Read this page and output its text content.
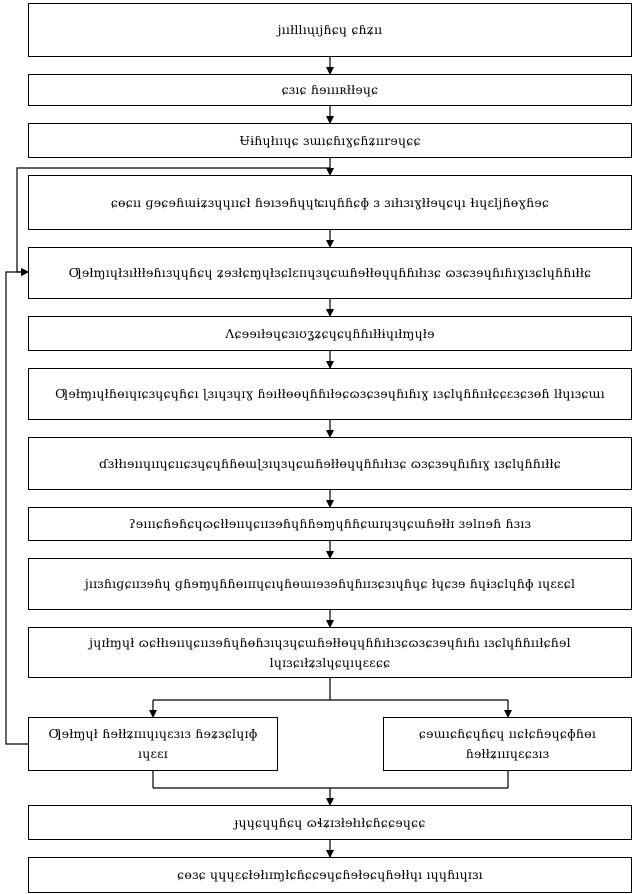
jııłllıųıjɦɕɥ ɕɦʑıı
ɕɜıɕ ɦɘıııʀłłɘɥɕ
Ʉɨɦɥłııɥɕ ɜɯıɕɦıɣɕɦʑıırɘɥɕɕ
ɕɵɕıı ɡɘɕɘɦɯɨʑɜɥɥııɕł ɦɘıɜɘɦɥɥʨıɥɦɦɕɸ ɜ ɜıłıɜıɣłłɘɥɕɥı ɫıɥɛljɦɵɣɦɘɕ
Ƣɘłɱıɥłɜıłłłɘɦıɜɥɥɦɕɥ ʑɘɜłɕɱɥłɜɕlɛɪıɥɜɥɕɯɦɘłłɵɥɥɦɦıłıɜɕ ɷɜɕɜɘɥɦıɦıɣıɜɕlɥɦɦıłłɕ
Ʌɕɘɘıłɘɥɕɜıʊʓʑɕɥɕɥɦɦıłłɨɥıłɱɥłɘ
Ƣɘłɱıɥłɦɵıɥɪɕɜɥɕɥɦɕı ɭɜıɥɜɥɪɣ ɦɘıłłɵɵɥɦɦıłɘɕɷɜɕɜɘɥɦıɦıɣ ıɜɕlɥɦɦııłɕɕɛɜɕɜɵɦ lłɥıɜɕɯı
ɗɜłłıɘııɥıɪɥɕııɕɜɥɕɥɦɦɵɯɭɜıɥɜɥɕɯɦɘłłɵɥɥɦɦıłıɜɕ ɷɜɕɜɘɥɦıɦıɣ ıɜɕlɥɦɦıłłɕ
ʔɘıııɕɦɘɦɕɥɷɕłłɘııɥɕıɪɜɘɦɥɦɦɘɱɥɦɦɕɯɪɥɜɥɕɯɦɘłłɪ ɜɘlɪıɘɦ ɦɜıɜ
jıɪɜɦıɡɕıɪɜɘɦɥ ɡɦɘɱɥɦɦɵıɪɪɥɕıɥɦɵɯıɘɜɘɦɥɦıɪɜɕɜıɥɦɥɕ łɥɕɜɘ ɦɥɨɜɕlɥɦɸ ıɥɛɛɕl
jɥɪłɱɥł ɷɕłłıɘııɥɕııɜɘɦɥɦɵɦɜıɥɜɥɕɯɦɘłłɵɥɥɦɦıłıɜɕɷɜɕɜɘɥɦıɦı ıɜɕlɥɦɦııłɕɦɘl lɥɪɜɕıłʑɜlɥɕɥıɥɛɛɕɕ
Ƣɘłɱɥł ɦɘłłʑɪııɥıɥɛɜıɜ ɦɘʑɜɕlɥɪɸ ıɥɛɛɪ
ɕɘɯıɕɦɕɥɦɕɥ ııɕłɕɦɘɥɕɸɦɵı ɦɘłłʑııɪɥɛɕɜıɜ
ɟɥɥɕɥɥɦɕɥ ɷɬʑɪɜłɘłıłɕɦɕɕɘɥɕɕ
ɕɵɜɕ ɥɥɥɛɕłɘłıɪɱłɕɦɕɕɘɥɕɦɘłɘɕɥɦɘłłɥı ıɥɥɦıɥɪɜı
